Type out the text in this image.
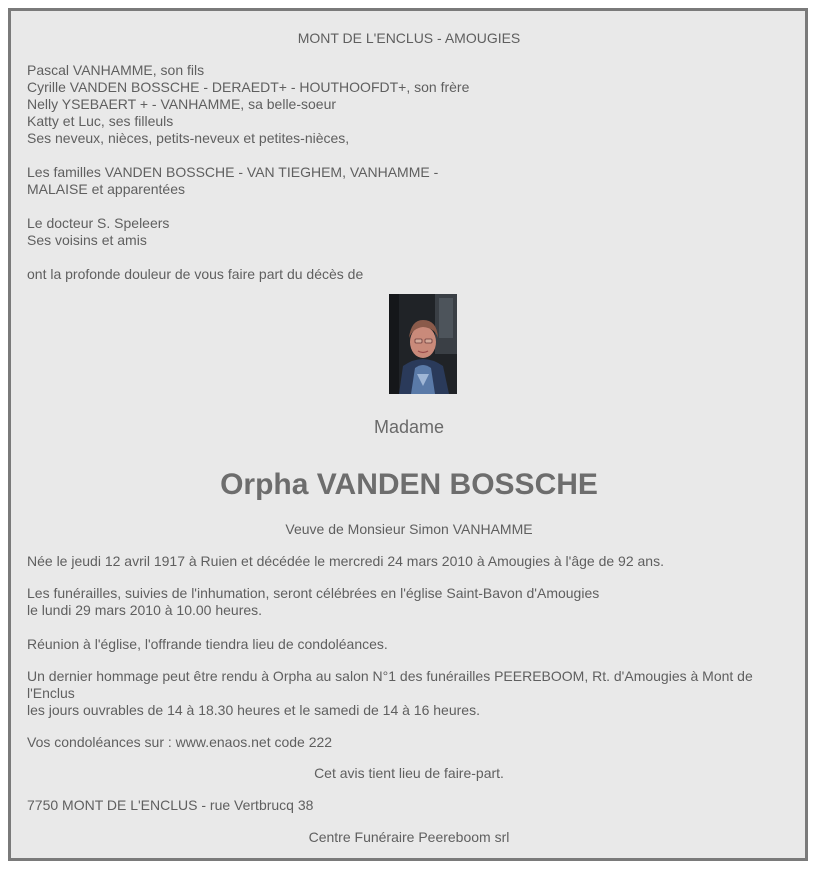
MONT DE L'ENCLUS - AMOUGIES

Pascal VANHAMME, son fils

Cyrille VANDEN BOSSCHE - DERAEDT+ - HOUTHOOFDT+, son frère

Nelly YSEBAERT + - VANHAMME, sa belle-soeur

Katty et Luc, ses filleuls

Ses neveux, nièces, petits-neveux et petites-nièces,

Les familles VANDEN BOSSCHE - VAN TIEGHEM, VANHAMME -

MALAISE et apparentées

Le docteur S. Speleers

Ses voisins et amis

ont la profonde douleur de vous faire part du décès de

Madame

Orpha VANDEN BOSSCHE

Veuve de Monsieur Simon VANHAMME

Née le jeudi 12 avril 1917 à Ruien et décédée le mercredi 24 mars 2010 à Amougies à l'âge de 92 ans.

Les funérailles, suivies de l'inhumation, seront célébrées en l'église Saint-Bavon d'Amougies

le lundi 29 mars 2010 à 10.00 heures.

Réunion à l'église, l'offrande tiendra lieu de condoléances.

Un dernier hommage peut être rendu à Orpha au salon N°1 des funérailles PEEREBOOM, Rt. d'Amougies à Mont de

l'Enclus

les jours ouvrables de 14 à 18.30 heures et le samedi de 14 à 16 heures.

Vos condoléances sur : www.enaos.net code 222

Cet avis tient lieu de faire-part.

7750 MONT DE L'ENCLUS - rue Vertbrucq 38

Centre Funéraire Peereboom srl
